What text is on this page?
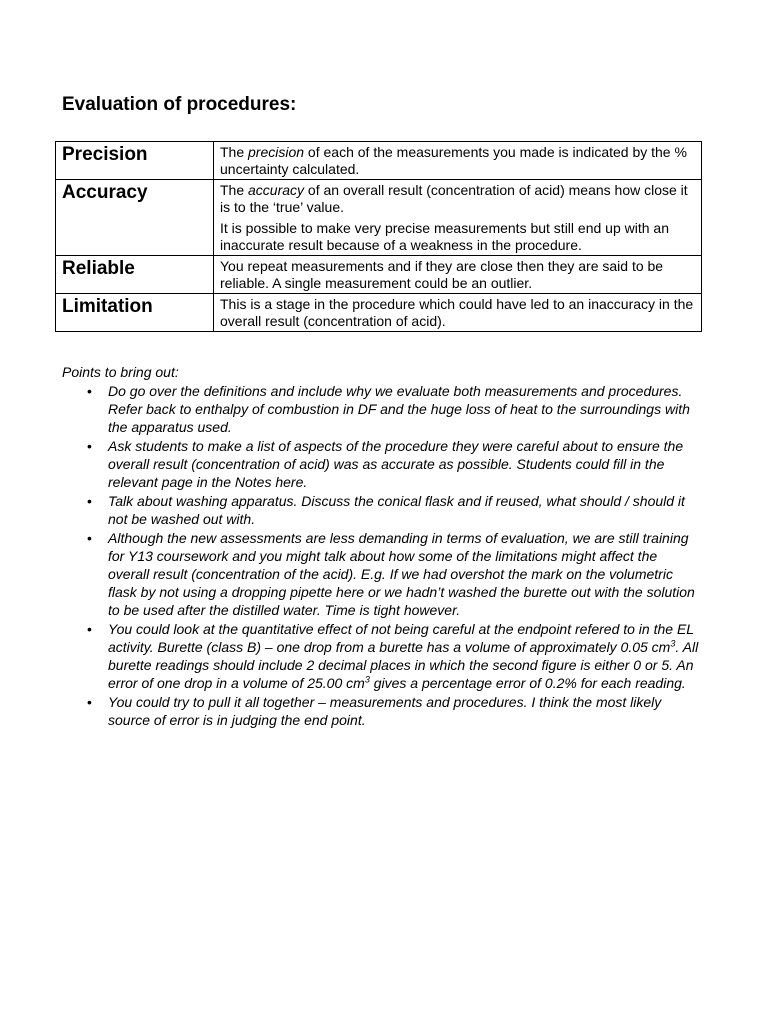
Evaluation of procedures:
Precision	The precision of each of the measurements you made is indicated by the % uncertainty calculated.

Accuracy	The accuracy of an overall result (concentration of acid) means how close it is to the ‘true’ value.

It is possible to make very precise measurements but still end up with an inaccurate result because of a weakness in the procedure.

Reliable	You repeat measurements and if they are close then they are said to be reliable. A single measurement could be an outlier.

Limitation	This is a stage in the procedure which could have led to an inaccuracy in the overall result (concentration of acid).

Points to bring out:

• Do go over the definitions and include why we evaluate both measurements and procedures. Refer back to enthalpy of combustion in DF and the huge loss of heat to the surroundings with the apparatus used.
• Ask students to make a list of aspects of the procedure they were careful about to ensure the overall result (concentration of acid) was as accurate as possible. Students could fill in the relevant page in the Notes here.
• Talk about washing apparatus. Discuss the conical flask and if reused, what should / should it not be washed out with.
• Although the new assessments are less demanding in terms of evaluation, we are still training for Y13 coursework and you might talk about how some of the limitations might affect the overall result (concentration of the acid). E.g. If we had overshot the mark on the volumetric flask by not using a dropping pipette here or we hadn’t washed the burette out with the solution to be used after the distilled water. Time is tight however.
• You could look at the quantitative effect of not being careful at the endpoint refered to in the EL activity. Burette (class B) – one drop from a burette has a volume of approximately 0.05 $cm^3$. All burette readings should include 2 decimal places in which the second figure is either 0 or 5. An error of one drop in a volume of 25.00 $cm^3$ gives a percentage error of 0.2% for each reading.
• You could try to pull it all together – measurements and procedures. I think the most likely source of error is in judging the end point.
